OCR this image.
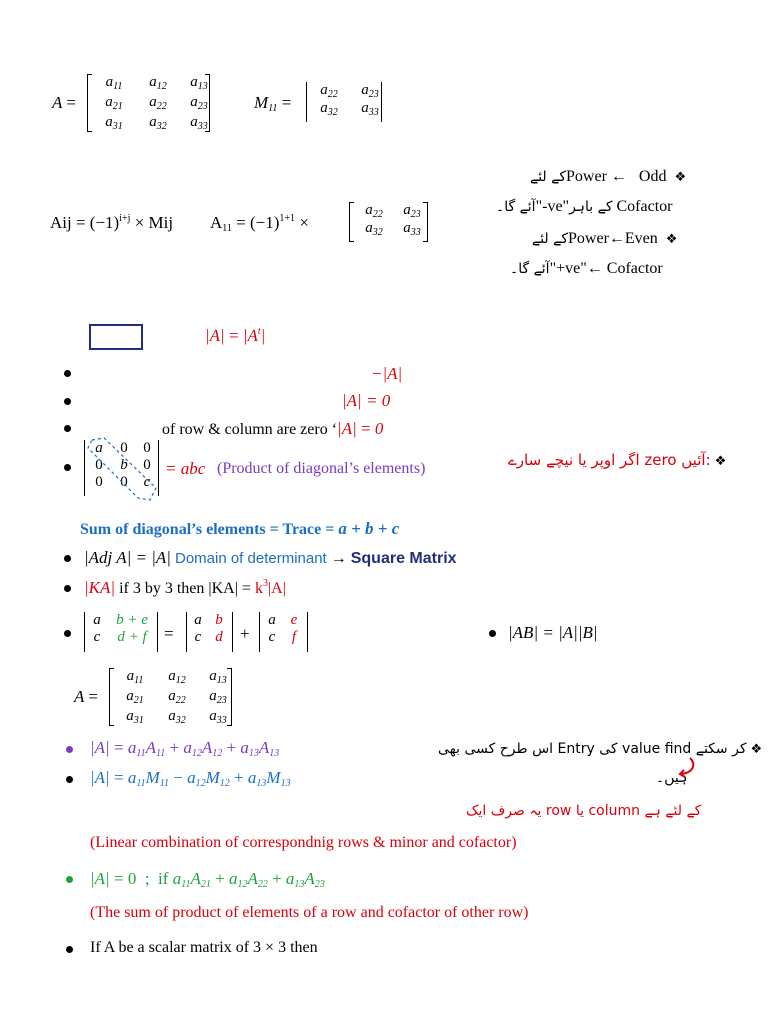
A =
$a_{11}$	$a_{12}$	$a_{13}$
$a_{21}$	$a_{22}$	$a_{23}$
$a_{31}$	$a_{32}$	$a_{33}$
$M_{11}$ =
$a_{22}$	$a_{23}$
$a_{32}$	$a_{33}$
کے لئےPower ←   Odd  ❖
آئے گا۔"-ve"کے باہر Cofactor
کے لئےPower←Even  ❖
آئے گا۔"+ve"← Cofactor
Aij = $(-1)^{i+j}$ × Mij $A_{11} = (-1)^{1+1}$ ×
$a_{22}$	$a_{23}$
$a_{32}$	$a_{33}$
$|A| = |A^t|$
−|A|
|A| = 0
of row & column are zero ‘|A| = 0
a	0	0
0	b	0
0	0	c
= abc (Product of diagonal’s elements)	اگر اوپر یا نیچے سارے zero آئیں: ❖
Sum of diagonal’s elements = Trace = a + b + c
|Adj A| = |A| Domain of determinant → Square Matrix
|KA| if 3 by 3 then $|KA| = k^3|A|$
a	b + e
c	d + f	=
a b
c d	+
a e
c	f	|AB| = |A||B|
A =
$a_{11}$	$a_{12}$	$a_{13}$
$a_{21}$	$a_{22}$	$a_{23}$
$a_{31}$	$a_{32}$	$a_{33}$
$|A| = a_{11}A_{11} + a_{12}A_{12} + a_{13}A_{13}$
$|A| = a_{11}M_{11} - a_{12}M_{12} + a_{13}M_{13}$
اس طرح کسی بھی Entry کی value find کر سکتے ❖
ہیں۔
یہ صرف ایک row یا column کے لئے ہے
(Linear combination of correspondnig rows & minor and cofactor)
|A| = 0  ;  if $a_{11}A_{21} + a_{12}A_{22} + a_{13}A_{23}$
(The sum of product of elements of a row and cofactor of other row)
If A be a scalar matrix of 3 × 3 then
